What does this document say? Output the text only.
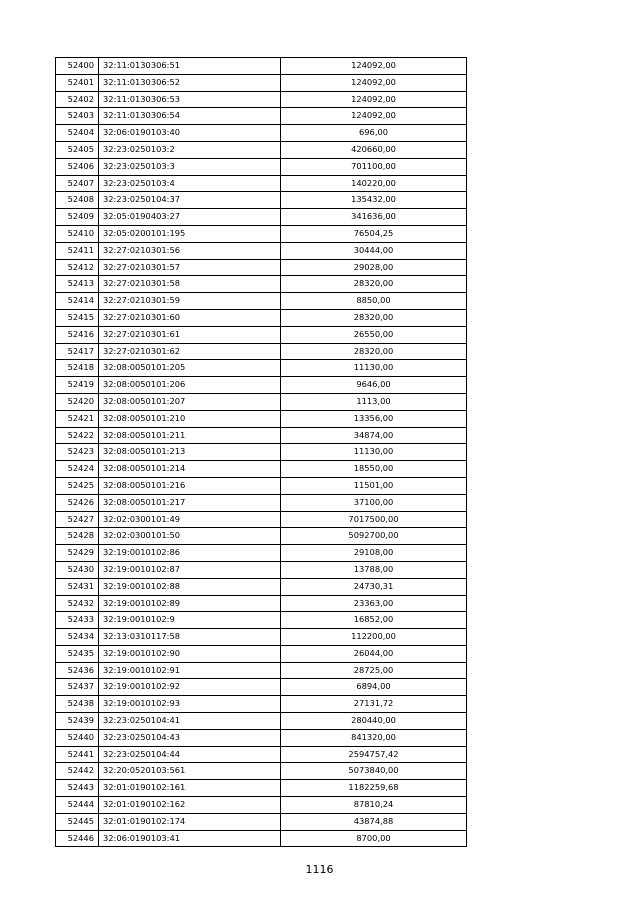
52400	32:11:0130306:51	124092,00
52401	32:11:0130306:52	124092,00
52402	32:11:0130306:53	124092,00
52403	32:11:0130306:54	124092,00
52404	32:06:0190103:40	696,00
52405	32:23:0250103:2	420660,00
52406	32:23:0250103:3	701100,00
52407	32:23:0250103:4	140220,00
52408	32:23:0250104:37	135432,00
52409	32:05:0190403:27	341636,00
52410	32:05:0200101:195	76504,25
52411	32:27:0210301:56	30444,00
52412	32:27:0210301:57	29028,00
52413	32:27:0210301:58	28320,00
52414	32:27:0210301:59	8850,00
52415	32:27:0210301:60	28320,00
52416	32:27:0210301:61	26550,00
52417	32:27:0210301:62	28320,00
52418	32:08:0050101:205	11130,00
52419	32:08:0050101:206	9646,00
52420	32:08:0050101:207	1113,00
52421	32:08:0050101:210	13356,00
52422	32:08:0050101:211	34874,00
52423	32:08:0050101:213	11130,00
52424	32:08:0050101:214	18550,00
52425	32:08:0050101:216	11501,00
52426	32:08:0050101:217	37100,00
52427	32:02:0300101:49	7017500,00
52428	32:02:0300101:50	5092700,00
52429	32:19:0010102:86	29108,00
52430	32:19:0010102:87	13788,00
52431	32:19:0010102:88	24730,31
52432	32:19:0010102:89	23363,00
52433	32:19:0010102:9	16852,00
52434	32:13:0310117:58	112200,00
52435	32:19:0010102:90	26044,00
52436	32:19:0010102:91	28725,00
52437	32:19:0010102:92	6894,00
52438	32:19:0010102:93	27131,72
52439	32:23:0250104:41	280440,00
52440	32:23:0250104:43	841320,00
52441	32:23:0250104:44	2594757,42
52442	32:20:0520103:561	5073840,00
52443	32:01:0190102:161	1182259,68
52444	32:01:0190102:162	87810,24
52445	32:01:0190102:174	43874,88
52446	32:06:0190103:41	8700,00
1116
